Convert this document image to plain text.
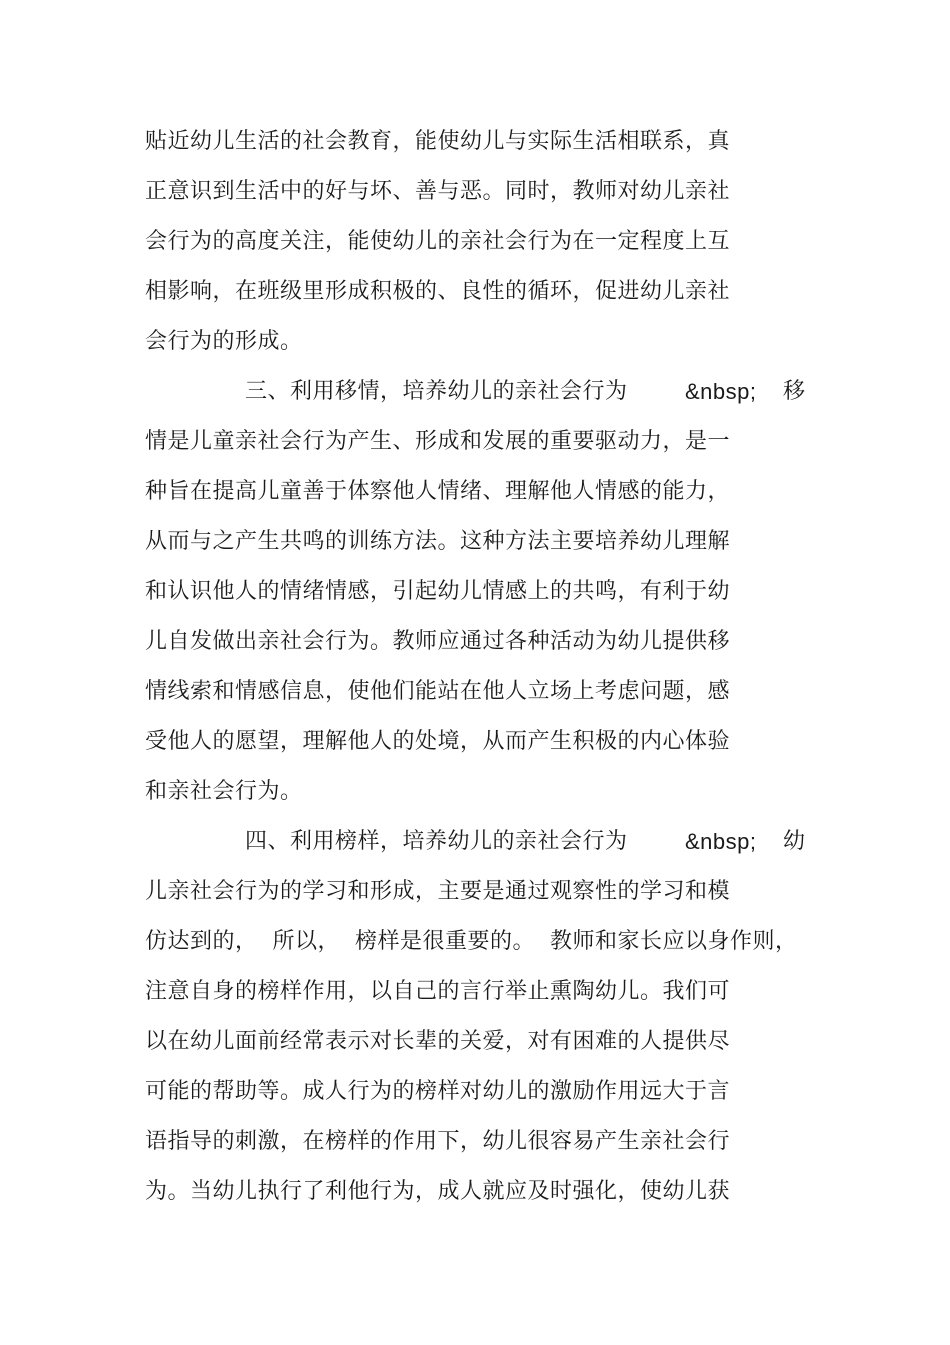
贴近幼儿生活的社会教育，能使幼儿与实际生活相联系，真
正意识到生活中的好与坏、善与恶。同时，教师对幼儿亲社
会行为的高度关注，能使幼儿的亲社会行为在一定程度上互
相影响，在班级里形成积极的、良性的循环，促进幼儿亲社
会行为的形成。

三、利用移情，培养幼儿的亲社会行为

	&nbsp;

移

情是儿童亲社会行为产生、形成和发展的重要驱动力，是一
种旨在提高儿童善于体察他人情绪、理解他人情感的能力，
从而与之产生共鸣的训练方法。这种方法主要培养幼儿理解
和认识他人的情绪情感，引起幼儿情感上的共鸣，有利于幼
儿自发做出亲社会行为。教师应通过各种活动为幼儿提供移
情线索和情感信息，使他们能站在他人立场上考虑问题，感
受他人的愿望，理解他人的处境，从而产生积极的内心体验
和亲社会行为。

四、利用榜样，培养幼儿的亲社会行为

	&nbsp;

幼

儿亲社会行为的学习和形成，主要是通过观察性的学习和模
仿达到的，  所以，  榜样是很重要的。  教师和家长应以身作则，
注意自身的榜样作用，以自己的言行举止熏陶幼儿。我们可
以在幼儿面前经常表示对长辈的关爱，对有困难的人提供尽
可能的帮助等。成人行为的榜样对幼儿的激励作用远大于言
语指导的刺激，在榜样的作用下，幼儿很容易产生亲社会行
为。当幼儿执行了利他行为，成人就应及时强化，使幼儿获
